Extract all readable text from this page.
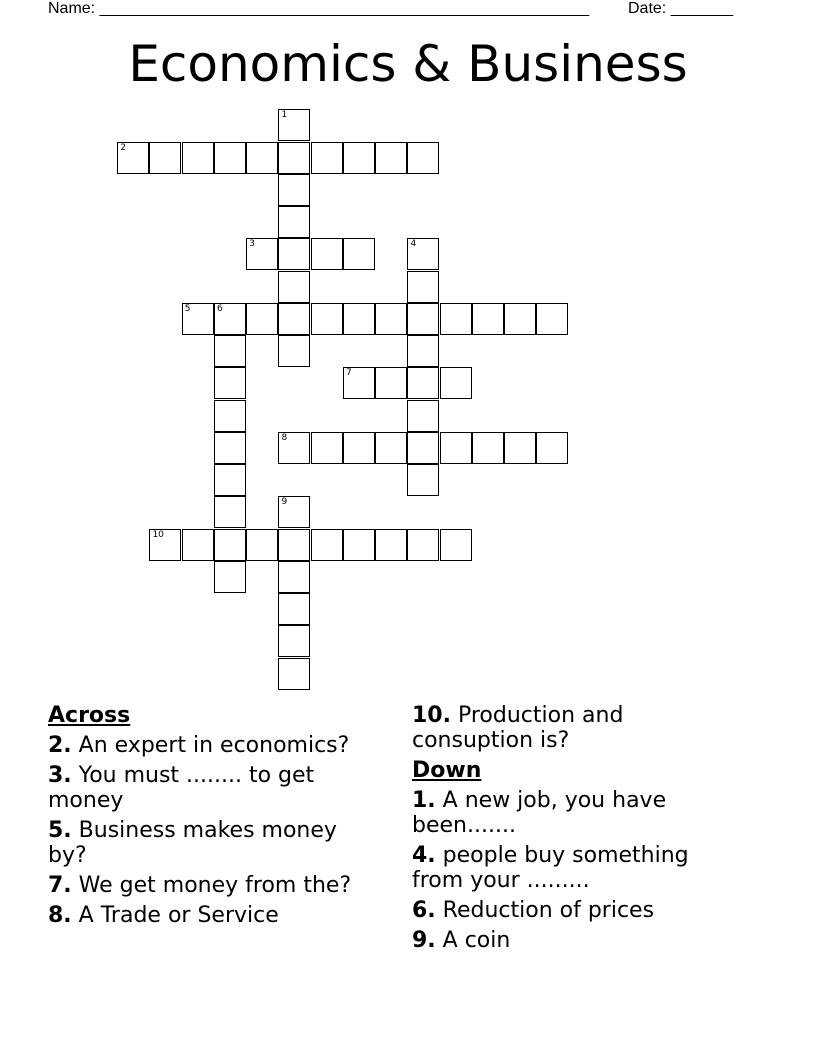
Name: _______________________________________________________ Date: _______
Economics & Business
1
2
3	4
5	6
7
8
9
10
Across
2. An expert in economics?
3. You must ........ to get money
5. Business makes money by?
7. We get money from the?
8. A Trade or Service
10. Production and consuption is?
Down
1. A new job, you have been.......
4. people buy something from your .........
6. Reduction of prices
9. A coin
